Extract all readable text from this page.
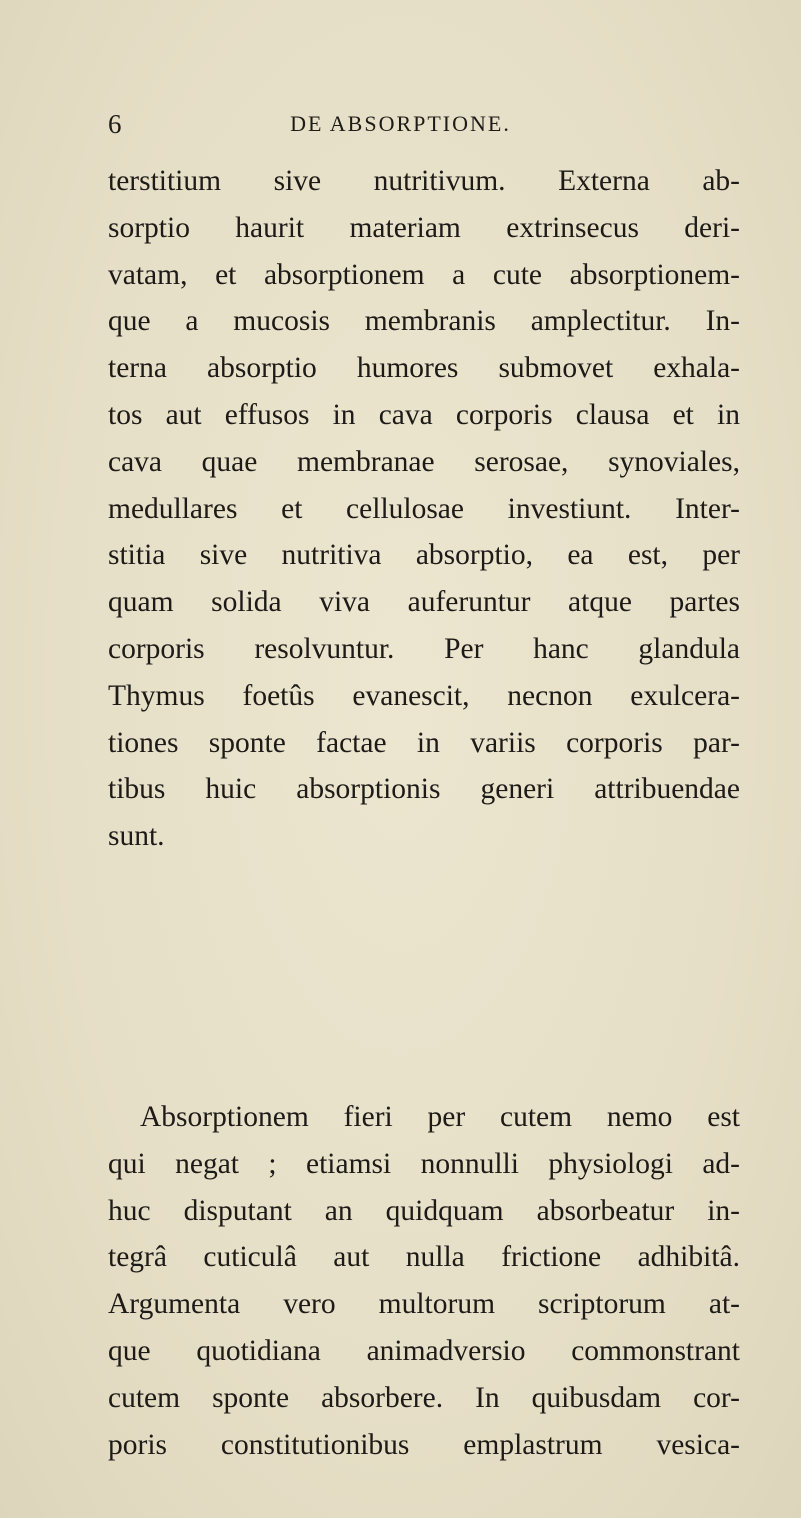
6	DE ABSORPTIONE.
terstitium sive nutritivum. Externa ab-
sorptio haurit materiam extrinsecus deri-
vatam, et absorptionem a cute absorptionem-
que a mucosis membranis amplectitur. In-
terna absorptio humores submovet exhala-
tos aut effusos in cava corporis clausa et in
cava quae membranae serosae, synoviales,
medullares et cellulosae investiunt. Inter-
stitia sive nutritiva absorptio, ea est, per
quam solida viva auferuntur atque partes
corporis resolvuntur. Per hanc glandula
Thymus foetûs evanescit, necnon exulcera-
tiones sponte factae in variis corporis par-
tibus huic absorptionis generi attribuendae
sunt.
Absorptionem fieri per cutem nemo est
qui negat ; etiamsi nonnulli physiologi ad-
huc disputant an quidquam absorbeatur in-
tegrâ cuticulâ aut nulla frictione adhibitâ.
Argumenta vero multorum scriptorum at-
que quotidiana animadversio commonstrant
cutem sponte absorbere. In quibusdam cor-
poris constitutionibus emplastrum vesica-
